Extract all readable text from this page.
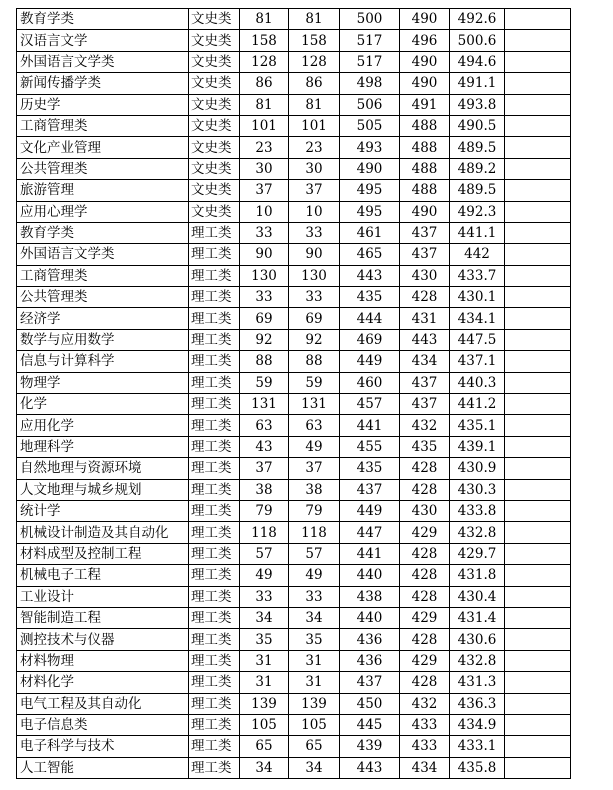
教育学类	文史类	81	81	500	490	492.6	
汉语言文学	文史类	158	158	517	496	500.6	
外国语言文学类	文史类	128	128	517	490	494.6	
新闻传播学类	文史类	86	86	498	490	491.1	
历史学	文史类	81	81	506	491	493.8	
工商管理类	文史类	101	101	505	488	490.5	
文化产业管理	文史类	23	23	493	488	489.5	
公共管理类	文史类	30	30	490	488	489.2	
旅游管理	文史类	37	37	495	488	489.5	
应用心理学	文史类	10	10	495	490	492.3	
教育学类	理工类	33	33	461	437	441.1	
外国语言文学类	理工类	90	90	465	437	442	
工商管理类	理工类	130	130	443	430	433.7	
公共管理类	理工类	33	33	435	428	430.1	
经济学	理工类	69	69	444	431	434.1	
数学与应用数学	理工类	92	92	469	443	447.5	
信息与计算科学	理工类	88	88	449	434	437.1	
物理学	理工类	59	59	460	437	440.3	
化学	理工类	131	131	457	437	441.2	
应用化学	理工类	63	63	441	432	435.1	
地理科学	理工类	43	49	455	435	439.1	
自然地理与资源环境	理工类	37	37	435	428	430.9	
人文地理与城乡规划	理工类	38	38	437	428	430.3	
统计学	理工类	79	79	449	430	433.8	
机械设计制造及其自动化	理工类	118	118	447	429	432.8	
材料成型及控制工程	理工类	57	57	441	428	429.7	
机械电子工程	理工类	49	49	440	428	431.8	
工业设计	理工类	33	33	438	428	430.4	
智能制造工程	理工类	34	34	440	429	431.4	
测控技术与仪器	理工类	35	35	436	428	430.6	
材料物理	理工类	31	31	436	429	432.8	
材料化学	理工类	31	31	437	428	431.3	
电气工程及其自动化	理工类	139	139	450	432	436.3	
电子信息类	理工类	105	105	445	433	434.9	
电子科学与技术	理工类	65	65	439	433	433.1	
人工智能	理工类	34	34	443	434	435.8	
